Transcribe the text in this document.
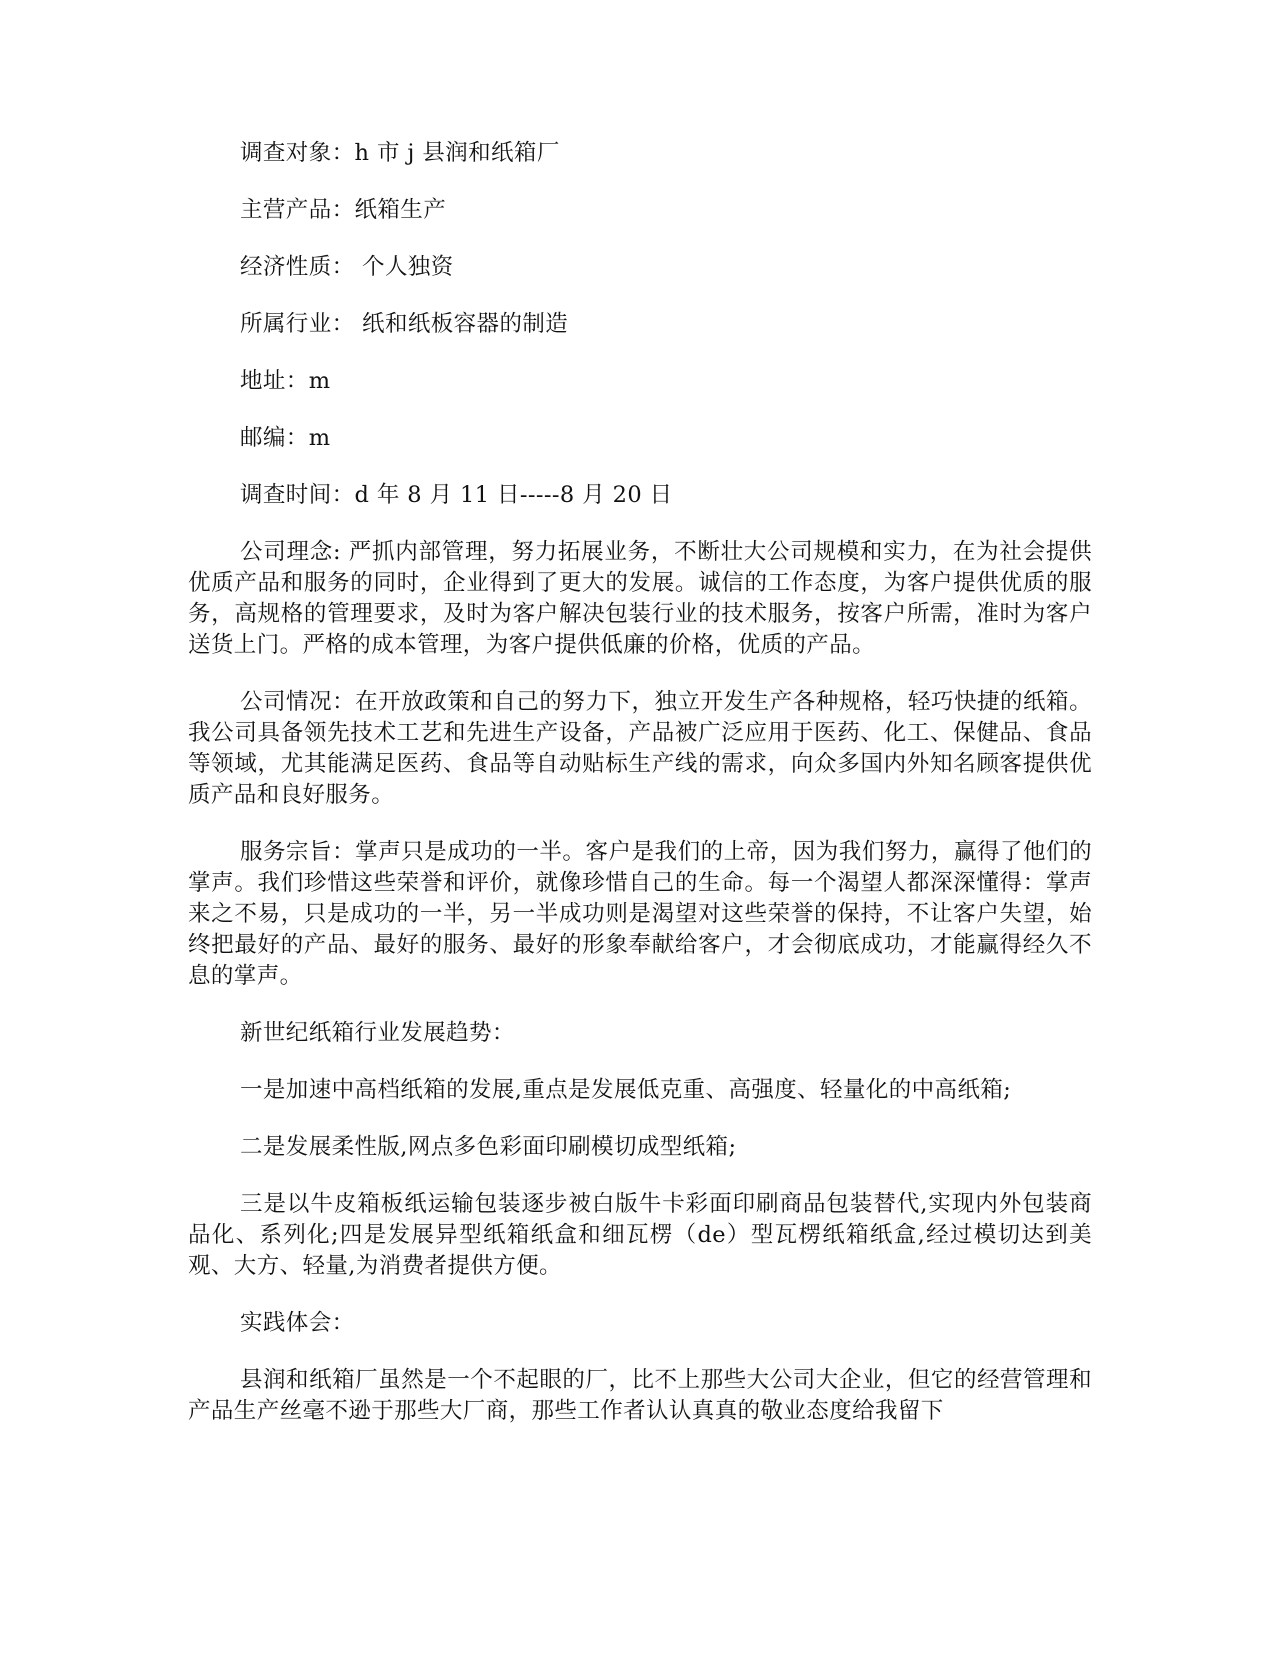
调查对象：h 市 j 县润和纸箱厂

主营产品：纸箱生产

经济性质： 个人独资

所属行业： 纸和纸板容器的制造

地址：m

邮编：m

调查时间：d 年 8 月 11 日-----8 月 20 日

公司理念: 严抓内部管理，努力拓展业务，不断壮大公司规模和实力，在为社会提供优质产品和服务的同时，企业得到了更大的发展。诚信的工作态度，为客户提供优质的服务，高规格的管理要求，及时为客户解决包装行业的技术服务，按客户所需，准时为客户送货上门。严格的成本管理，为客户提供低廉的价格，优质的产品。

公司情况：在开放政策和自己的努力下，独立开发生产各种规格，轻巧快捷的纸箱。我公司具备领先技术工艺和先进生产设备，产品被广泛应用于医药、化工、保健品、食品等领域，尤其能满足医药、食品等自动贴标生产线的需求，向众多国内外知名顾客提供优质产品和良好服务。

服务宗旨：掌声只是成功的一半。客户是我们的上帝，因为我们努力，赢得了他们的掌声。我们珍惜这些荣誉和评价，就像珍惜自己的生命。每一个渴望人都深深懂得：掌声来之不易，只是成功的一半，另一半成功则是渴望对这些荣誉的保持，不让客户失望，始终把最好的产品、最好的服务、最好的形象奉献给客户，才会彻底成功，才能赢得经久不息的掌声。

新世纪纸箱行业发展趋势：

一是加速中高档纸箱的发展,重点是发展低克重、高强度、轻量化的中高纸箱;

二是发展柔性版,网点多色彩面印刷模切成型纸箱;

三是以牛皮箱板纸运输包装逐步被白版牛卡彩面印刷商品包装替代,实现内外包装商品化、系列化;四是发展异型纸箱纸盒和细瓦楞（de）型瓦楞纸箱纸盒,经过模切达到美观、大方、轻量,为消费者提供方便。

实践体会：

县润和纸箱厂虽然是一个不起眼的厂，比不上那些大公司大企业，但它的经营管理和产品生产丝毫不逊于那些大厂商，那些工作者认认真真的敬业态度给我留下
